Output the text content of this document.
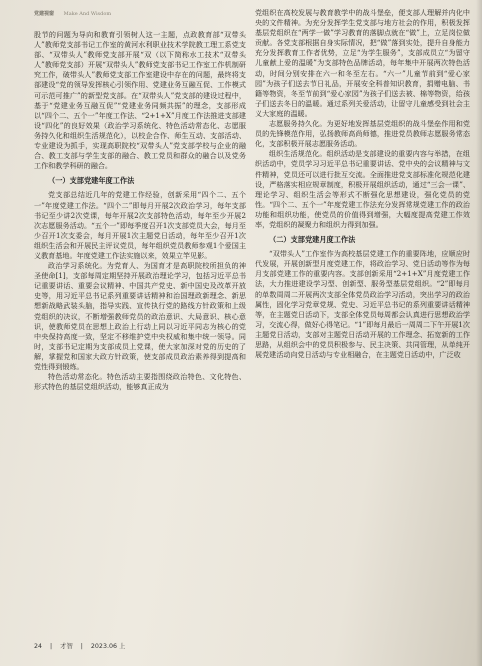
党建视窗 Make And Wisdom

股节的问题为导向和教育引领树人这一主题，点政教育部“双带头人”教师党支部书记工作室的黄河水利职业技术学院教工理工系党支部、“双带头人”教师党支部开展“双（以下简称水工技术“双带头人”教师党支部）开展“双带头人”教师党支部书记工作室工作机制研究工作，破带头人”教师党支部工作室建设中存在的问题，最终将支部建设“党的领导发挥核心引领作用、党建业务互融互促、工作模式可示范可推广”的新型党支部。在“双带头人”党支部的建设过程中，基于“党建业务互融互促”“党建业务同频共振”的理念，支部形成以“四个二、五个一”年度工作法、“2+1+X”月度工作法推进支部建设“四化”的良好效果（政治学习系统化、特色活动常态化、志愿服务持久化和组织生活规范化），以校企合作、师生互动、支部活动、专业建设为抓手，实现高职院校“双带头人”党支部学校与企业的融合、教工支部与学生支部的融合、教工党员和群众的融合以及党务工作和教学科研的融合。

（一）支部党建年度工作法

党支部总结近几年的党建工作经验，创新采用“四个二、五个一”年度党建工作法。“四个二”即每月开展2次政治学习，每年支部书记至少讲2次党课，每年开展2次支部特色活动，每年至少开展2次志愿服务活动。“五个一”即每季度召开1次支部党员大会，每月至少召开1次支委会，每月开展1次主题党日活动，每年至少召开1次组织生活会和开展民主评议党员，每年组织党员教师参观1个爱国主义教育基地。年度党建工作法实施以来，效果立竿见影。

政治学习系统化。为党育人、为国育才是高职院校所担负的神圣使命[1]，支部每周定期坚持开展政治理论学习，包括习近平总书记重要讲话、重要会议精神、中国共产党史、新中国史及改革开放史等，用习近平总书记系列重要讲话精神和治国理政新理念、新思想新战略武装头脑，指导实践、宣传执行党的路线方针政策和上级党组织的决议，不断增强教师党员的政治意识、大局意识、核心意识，使教师党员在思想上政治上行动上同以习近平同志为核心的党中央保持高度一致，坚定不移维护党中央权威和集中统一领导。同时，支部书记定期为支部成员上党课，使大家加深对党的历史的了解，掌握党和国家大政方针政策，使支部成员政治素养得到提高和党性得到锻炼。

特色活动常态化。特色活动主要指围绕政治特色、文化特色、形式特色的基层党组织活动，能够真正成为

党组织在高校发展与教育教学中的战斗堡垒，便支部人理解并内化中央的文件精神。为充分发挥学生党支部与地方社会的作用，积极发挥基层党组织在“两学一做”学习教育的落脚点就在“做”上，立足岗位做贡献。各党支部根据自身实际情况，把“做”落到实处，提升自身能力充分发挥教育工作者优势，立足“为学生服务”，支部成员立“为留守儿童献上爱的温暖”为支部特色品牌活动，每年集中开展两次特色活动，时间分别安排在六一和冬至左右。“六一”儿童节前到“爱心家园”为孩子们送去节日礼品，开展安全科普知识教育，捐赠电脑、书籍等物资，冬至节前到“爱心家园”为孩子们送去被、棉等物资，给孩子们送去冬日的温暖。通过系列关爱活动，让留守儿童感受到社会主义大家庭的温暖。

志愿服务持久化。为更好地发挥基层党组织的战斗堡垒作用和党员的先锋模范作用，弘扬教师高尚师德，推进党员教师志愿服务常态化，支部积极开展志愿服务活动。

组织生活规范化。组织活动是支部建设的重要内容与举措，在组织活动中，党员学习习近平总书记重要讲话、党中央的会议精神与文件精神，党员还可以进行批互交流。全面推进党支部标准化规范化建设，严格落实相应规章制度，积极开展组织活动，通过“三会一课”、理论学习、组织生活会等形式不断强化思想建设，强化党员的党性。“四个二、五个一”年度党建工作法充分发挥常规党建工作的政治功能和组织功能，使党员的价值得到增强，大幅度提高党建工作效率，党组织的凝聚力和组织力得到加强。

（二）支部党建月度工作法

“双带头人”工作室作为高校基层党建工作的重要阵地，应顺应时代发展，开展创新型月度党建工作，将政治学习、党日活动等作为每月支部党建工作的重要内容。支部创新采用“2+1+X”月度党建工作法，大力推进建设学习型、创新型、服务型基层党组织。“2”即每月的单数周周二开展两次支部全体党员政治学习活动，突出学习的政治属性，固化学习党章党规、党史、习近平总书记的系列重要讲话精神等，在主题党日活动下，支部全体党员每周都会认真进行思想政治学习，交流心得，做好心得笔记。“1”即每月最后一周周二下午开展1次主题党日活动，支部对主题党日活动开展的工作理念、拓宽新的工作思路，从组织会中的党员积极参与、民主决策、共同管理，从单纯开展党建活动向党日活动与专业相融合，在主题党日活动中，广泛收

24 | 才智 | 2023.06 上
